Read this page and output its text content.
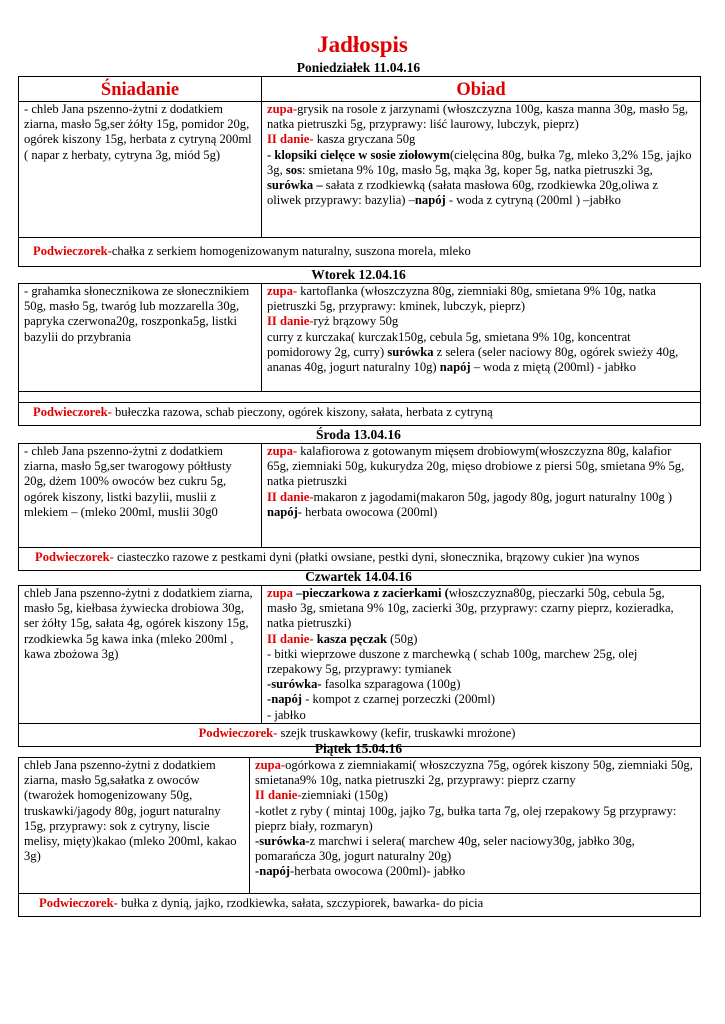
Jadłospis
Poniedziałek 11.04.16
Śniadanie	Obiad
- chleb Jana pszenno-żytni z dodatkiem ziarna, masło 5g,ser żółty 15g, pomidor 20g, ogórek kiszony 15g, herbata z cytryną 200ml ( napar z herbaty, cytryna 3g, miód 5g)	zupa-grysik na rosole z jarzynami (włoszczyzna 100g, kasza manna 30g, masło 5g, natka pietruszki 5g, przyprawy: liść laurowy, lubczyk, pieprz)
II danie- kasza gryczana 50g
- klopsiki cielęce w sosie ziołowym(cielęcina 80g, bułka 7g, mleko 3,2% 15g, jajko 3g, sos: smietana 9% 10g, masło 5g, mąka 3g, koper 5g, natka pietruszki 3g, surówka – sałata z rzodkiewką (sałata masłowa 60g, rzodkiewka 20g,oliwa z oliwek przyprawy: bazylia) –napój - woda z cytryną (200ml ) –jabłko
Podwieczorek-chałka z serkiem homogenizowanym naturalny, suszona morela, mleko	
Wtorek 12.04.16
- grahamka słonecznikowa ze słonecznikiem 50g, masło 5g, twaróg lub mozzarella 30g, papryka czerwona20g, roszponka5g, listki bazylii do przybrania	zupa- kartoflanka (włoszczyzna 80g, ziemniaki 80g, smietana 9% 10g, natka pietruszki 5g, przyprawy: kminek, lubczyk, pieprz)
II danie-ryż brązowy 50g
curry z kurczaka( kurczak150g, cebula 5g, smietana 9% 10g, koncentrat pomidorowy 2g, curry) surówka z selera (seler naciowy 80g, ogórek swieży 40g, ananas 40g, jogurt naturalny 10g) napój – woda z miętą (200ml) - jabłko

Podwieczorek- bułeczka razowa, schab pieczony, ogórek kiszony, sałata, herbata z cytryną
Środa 13.04.16
- chleb Jana pszenno-żytni z dodatkiem ziarna, masło 5g,ser twarogowy półtłusty 20g, dżem 100% owoców bez cukru 5g, ogórek kiszony, listki bazylii, muslii z mlekiem – (mleko 200ml, muslii 30g0	zupa- kalafiorowa z gotowanym mięsem drobiowym(włoszczyzna 80g, kalafior 65g, ziemniaki 50g, kukurydza 20g, mięso drobiowe z piersi 50g, smietana 9% 5g, natka pietruszki
II danie-makaron z jagodami(makaron 50g, jagody 80g, jogurt naturalny 100g )
napój- herbata owocowa (200ml)
Podwieczorek- ciasteczko razowe z pestkami dyni (płatki owsiane, pestki dyni, słonecznika, brązowy cukier )na wynos
Czwartek 14.04.16
chleb Jana pszenno-żytni z dodatkiem ziarna, masło 5g, kiełbasa żywiecka drobiowa 30g, ser żółty 15g, sałata 4g, ogórek kiszony 15g, rzodkiewka 5g kawa inka (mleko 200ml , kawa zbożowa 3g)	zupa –pieczarkowa z zacierkami (włoszczyzna80g, pieczarki 50g, cebula 5g, masło 3g, smietana 9% 10g, zacierki 30g, przyprawy: czarny pieprz, kozieradka, natka pietruszki)
II danie- kasza pęczak (50g)
- bitki wieprzowe duszone z marchewką ( schab 100g, marchew 25g, olej rzepakowy 5g, przyprawy: tymianek
-surówka- fasolka szparagowa (100g)
-napój - kompot z czarnej porzeczki (200ml)
- jabłko
Podwieczorek- szejk truskawkowy (kefir, truskawki mrożone)
Piątek 15.04.16
chleb Jana pszenno-żytni z dodatkiem ziarna, masło 5g,sałatka z owoców (twarożek homogenizowany 50g, truskawki/jagody 80g, jogurt naturalny 15g, przyprawy: sok z cytryny, liscie melisy, mięty)kakao (mleko 200ml, kakao 3g)	zupa-ogórkowa z ziemniakami( włoszczyzna 75g, ogórek kiszony 50g, ziemniaki 50g, smietana9% 10g, natka pietruszki 2g, przyprawy: pieprz czarny
II danie-ziemniaki (150g)
-kotlet z ryby ( mintaj 100g, jajko 7g, bułka tarta 7g, olej rzepakowy 5g przyprawy: pieprz biały, rozmaryn)
-surówka-z marchwi i selera( marchew 40g, seler naciowy30g, jabłko 30g, pomarańcza 30g, jogurt naturalny 20g)
-napój-herbata owocowa (200ml)- jabłko
Podwieczorek- bułka z dynią, jajko, rzodkiewka, sałata, szczypiorek, bawarka- do picia
